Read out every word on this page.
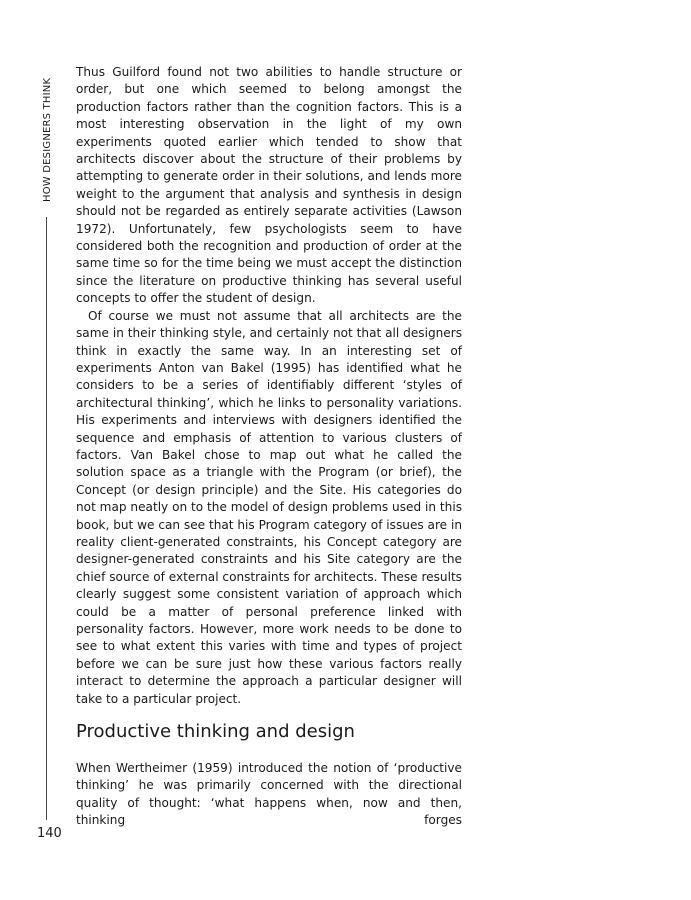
HOW DESIGNERS THINK
140

Thus Guilford found not two abilities to handle structure or order, but one which seemed to belong amongst the production factors rather than the cognition factors. This is a most interesting observation in the light of my own experiments quoted earlier which tended to show that architects discover about the structure of their problems by attempting to generate order in their solutions, and lends more weight to the argument that analysis and synthesis in design should not be regarded as entirely separate activities (Lawson 1972). Unfortunately, few psychologists seem to have considered both the recognition and production of order at the same time so for the time being we must accept the distinction since the literature on productive thinking has several useful concepts to offer the student of design.

Of course we must not assume that all architects are the same in their thinking style, and certainly not that all designers think in exactly the same way. In an interesting set of experiments Anton van Bakel (1995) has identified what he considers to be a series of identifiably different ‘styles of architectural thinking’, which he links to personality variations. His experiments and interviews with designers identified the sequence and emphasis of attention to various clusters of factors. Van Bakel chose to map out what he called the solution space as a triangle with the Program (or brief), the Concept (or design principle) and the Site. His categories do not map neatly on to the model of design problems used in this book, but we can see that his Program category of issues are in reality client-generated constraints, his Concept category are designer-generated constraints and his Site category are the chief source of external constraints for architects. These results clearly suggest some consistent variation of approach which could be a matter of personal preference linked with personality factors. However, more work needs to be done to see to what extent this varies with time and types of project before we can be sure just how these various factors really interact to determine the approach a particular designer will take to a particular project.

Productive thinking and design

When Wertheimer (1959) introduced the notion of ‘productive thinking’ he was primarily concerned with the directional quality of thought: ‘what happens when, now and then, thinking forges
